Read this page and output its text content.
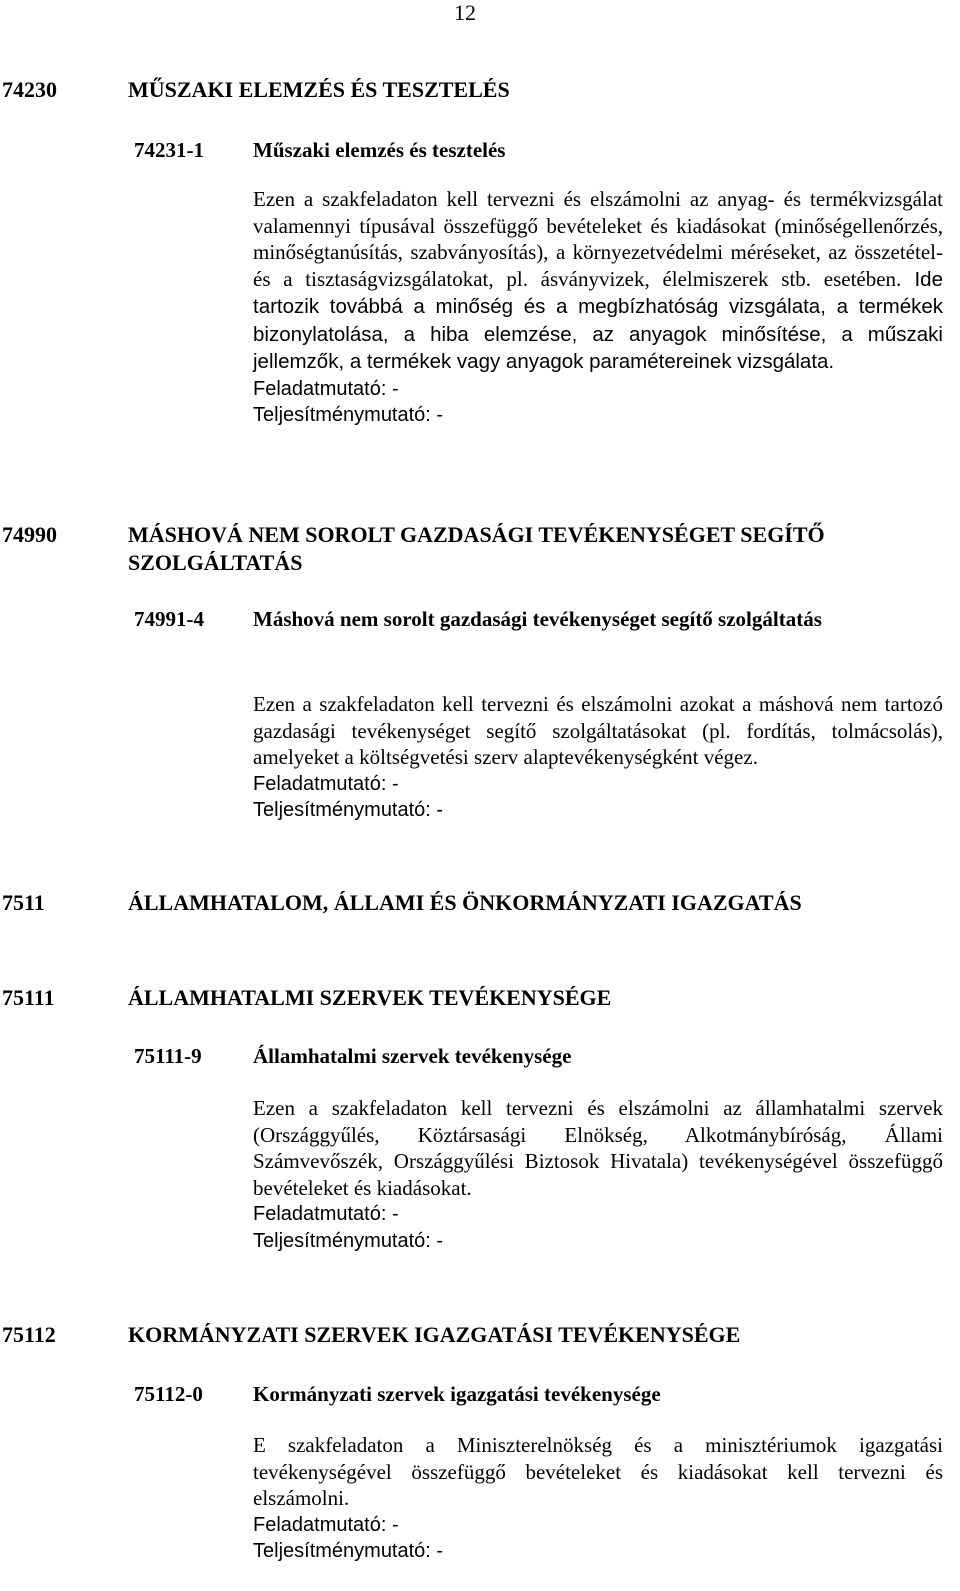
12
74230	MŰSZAKI ELEMZÉS ÉS TESZTELÉS
74231-1 Műszaki elemzés és tesztelés

Ezen a szakfeladaton kell tervezni és elszámolni az anyag- és termékvizsgálat valamennyi típusával összefüggő bevételeket és kiadásokat (minőségellenőrzés, minőségtanúsítás, szabványosítás), a környezetvédelmi méréseket, az összetétel- és a tisztaságvizsgálatokat, pl. ásványvizek, élelmiszerek stb. esetében. Ide tartozik továbbá a minőség és a megbízhatóság vizsgálata, a termékek bizonylatolása, a hiba elemzése, az anyagok minősítése, a műszaki jellemzők, a termékek vagy anyagok paramétereinek vizsgálata.

Feladatmutató: -
Teljesítménymutató: -
74990	MÁSHOVÁ NEM SOROLT GAZDASÁGI TEVÉKENYSÉGET SEGÍTŐ SZOLGÁLTATÁS
74991-4 Máshová nem sorolt gazdasági tevékenységet segítő szolgáltatás

Ezen a szakfeladaton kell tervezni és elszámolni azokat a máshová nem tartozó gazdasági tevékenységet segítő szolgáltatásokat (pl. fordítás, tolmácsolás), amelyeket a költségvetési szerv alaptevékenységként végez.

Feladatmutató: -
Teljesítménymutató: -
7511	ÁLLAMHATALOM, ÁLLAMI ÉS ÖNKORMÁNYZATI IGAZGATÁS
75111	ÁLLAMHATALMI SZERVEK TEVÉKENYSÉGE
75111-9 Államhatalmi szervek tevékenysége

Ezen a szakfeladaton kell tervezni és elszámolni az államhatalmi szervek (Országgyűlés, Köztársasági Elnökség, Alkotmánybíróság, Állami Számvevőszék, Országgyűlési Biztosok Hivatala) tevékenységével összefüggő bevételeket és kiadásokat.

Feladatmutató: -
Teljesítménymutató: -
75112	KORMÁNYZATI SZERVEK IGAZGATÁSI TEVÉKENYSÉGE
75112-0 Kormányzati szervek igazgatási tevékenysége

E szakfeladaton a Miniszterelnökség és a minisztériumok igazgatási tevékenységével összefüggő bevételeket és kiadásokat kell tervezni és elszámolni.

Feladatmutató: -
Teljesítménymutató: -
